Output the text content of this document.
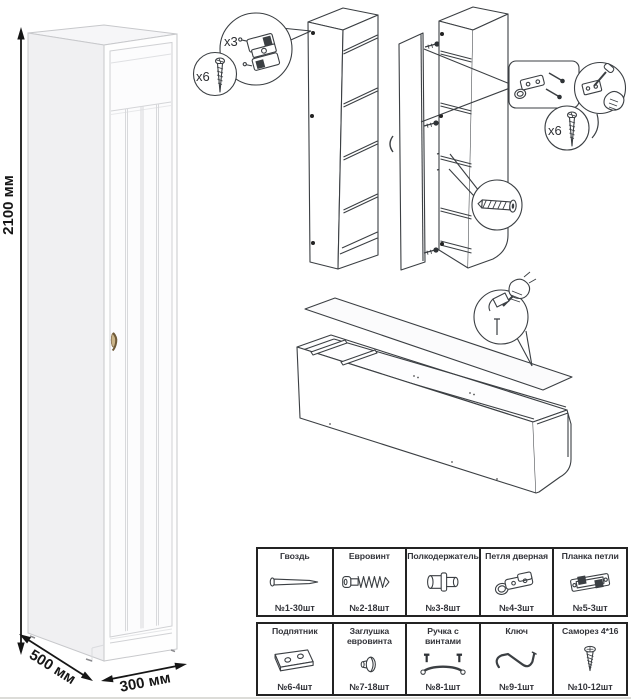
2100 мм
500 мм	300 мм
x3
x6
x6
Гвоздь
№1-30шт
Евровинт
№2-18шт
Полкодержатель
№3-8шт
Петля дверная
№4-3шт
Планка петли
№5-3шт
Подпятник
№6-4шт
Заглушка евровинта
№7-18шт
Ручка с винтами
№8-1шт
Ключ
№9-1шт
Саморез 4*16
№10-12шт
